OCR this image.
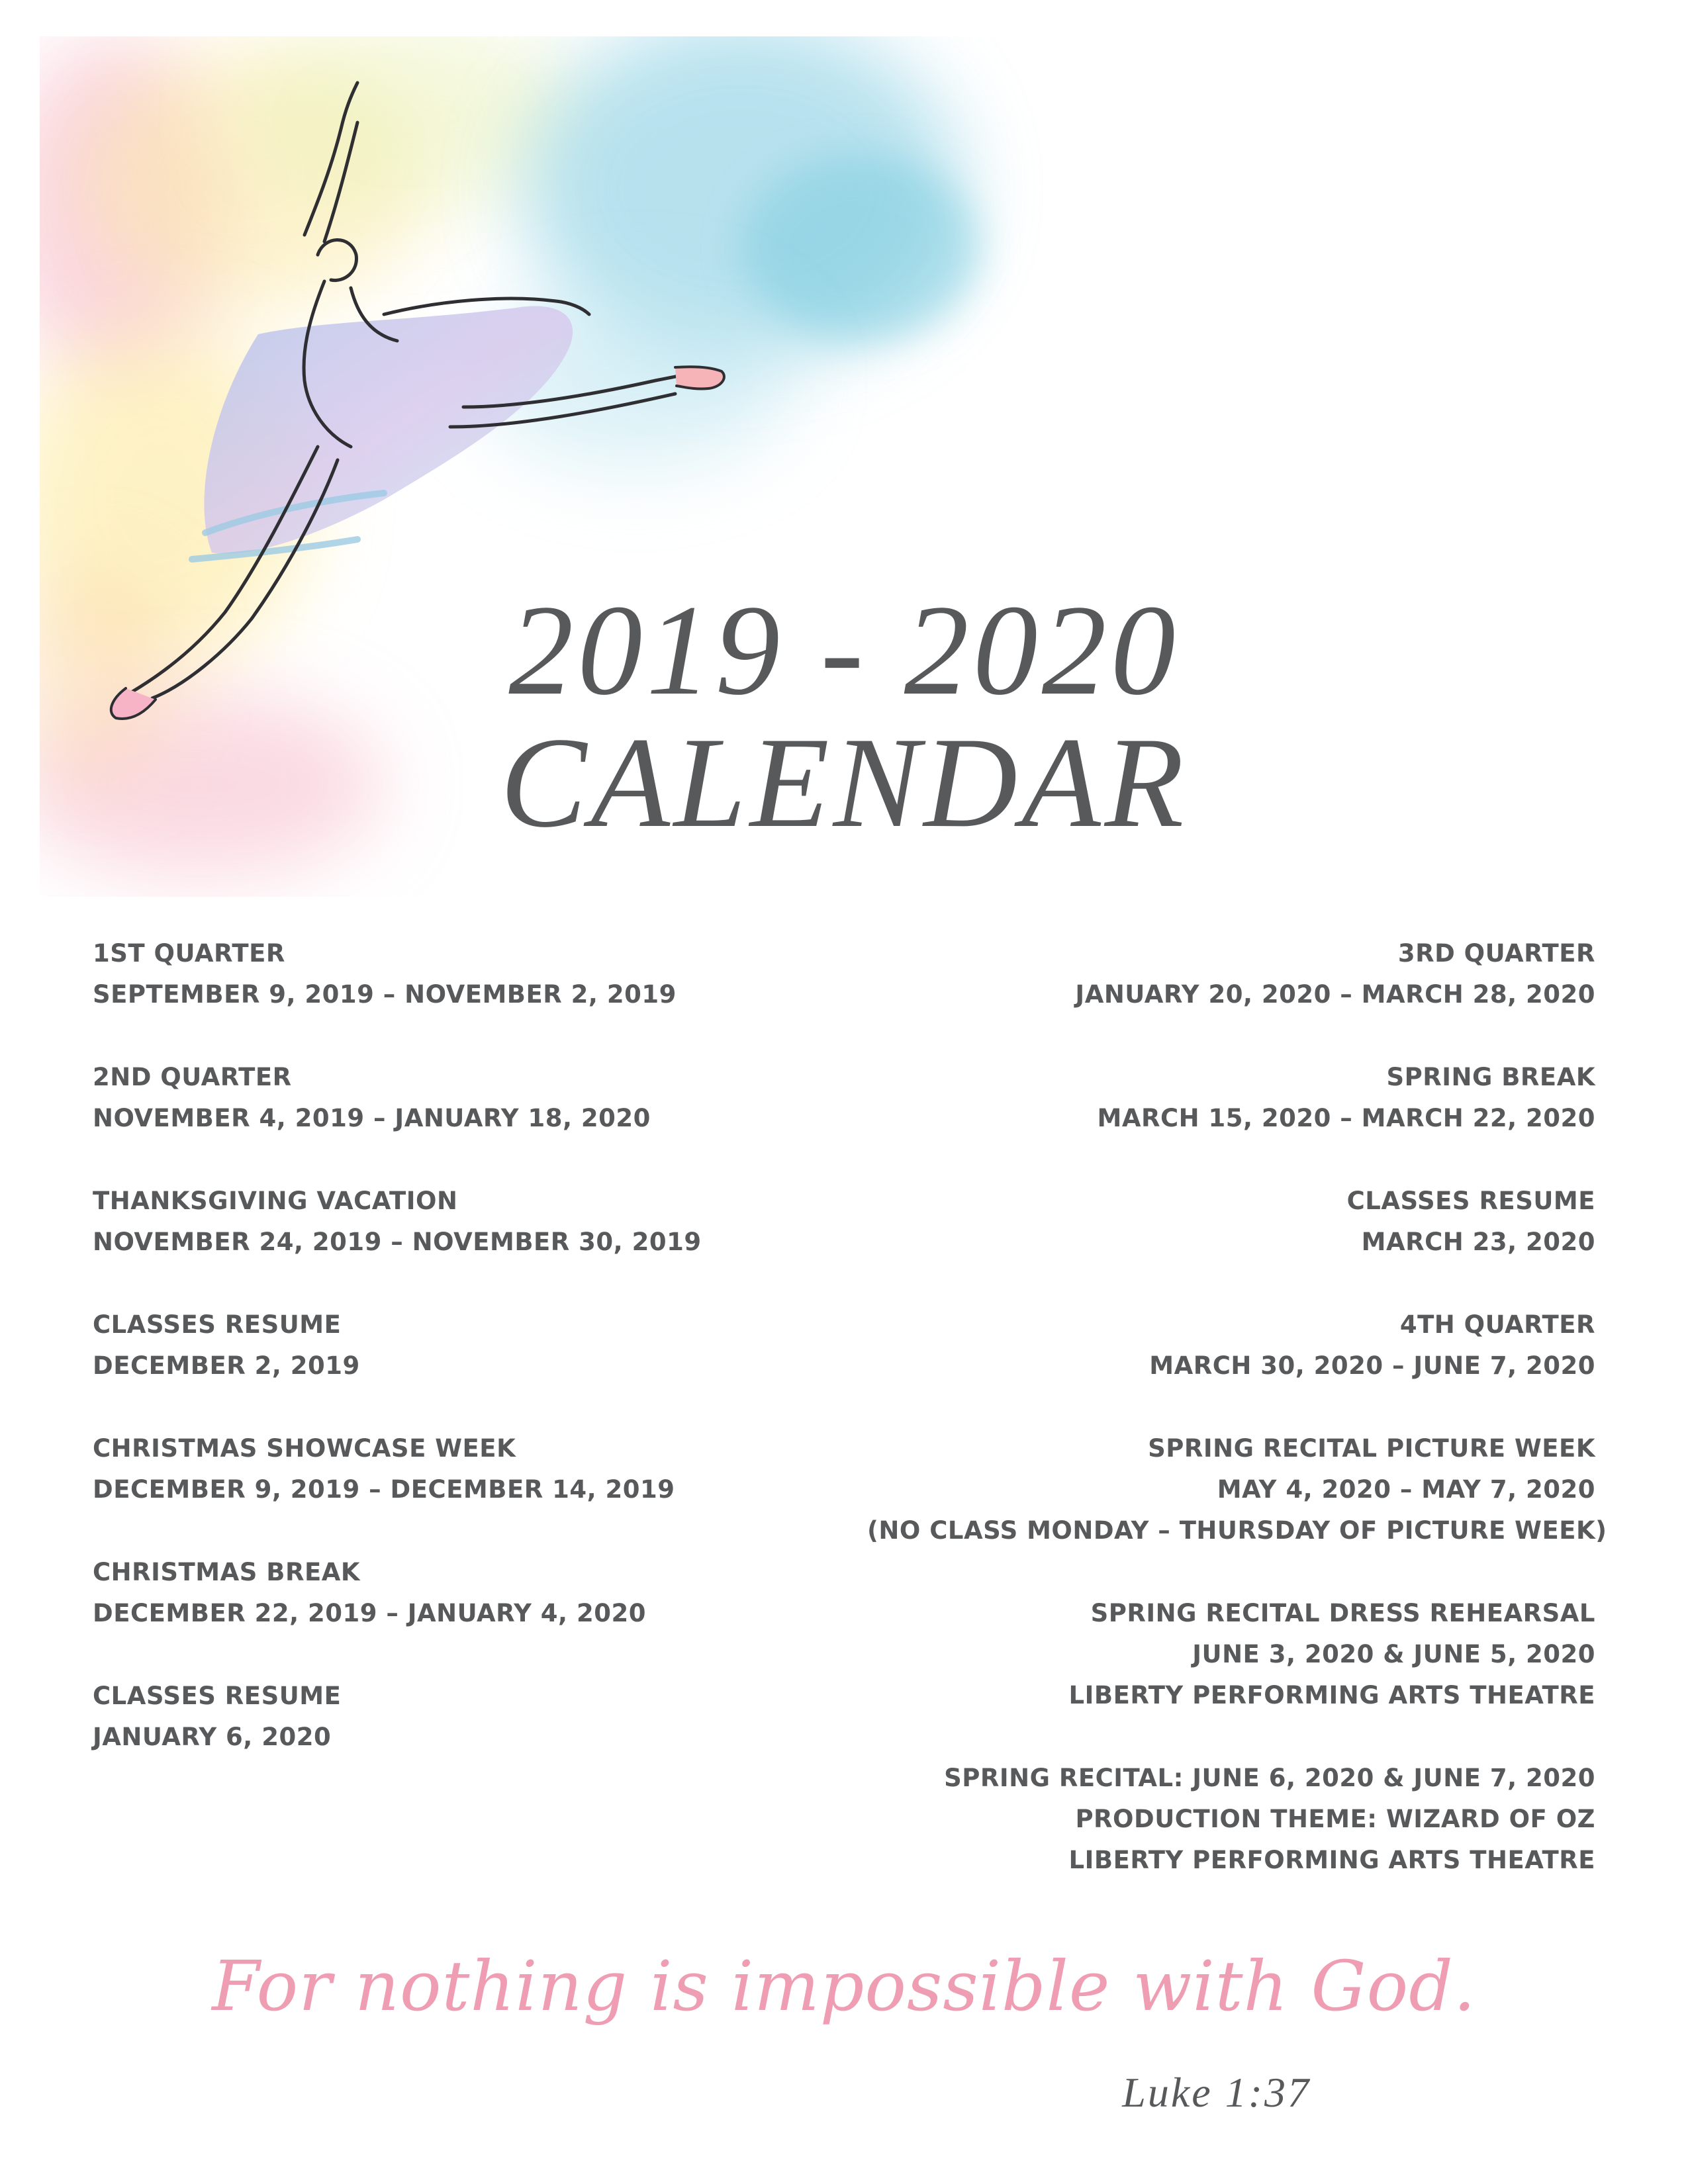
2019 - 2020
CALENDAR
1ST QUARTER
SEPTEMBER 9, 2019 – NOVEMBER 2, 2019
2ND QUARTER
NOVEMBER 4, 2019 – JANUARY 18, 2020
THANKSGIVING VACATION
NOVEMBER 24, 2019 – NOVEMBER 30, 2019
CLASSES RESUME
DECEMBER 2, 2019
CHRISTMAS SHOWCASE WEEK
DECEMBER 9, 2019 – DECEMBER 14, 2019
CHRISTMAS BREAK
DECEMBER 22, 2019 – JANUARY 4, 2020
CLASSES RESUME
JANUARY 6, 2020
3RD QUARTER
JANUARY 20, 2020 – MARCH 28, 2020
SPRING BREAK
MARCH 15, 2020 – MARCH 22, 2020
CLASSES RESUME
MARCH 23, 2020
4TH QUARTER
MARCH 30, 2020 – JUNE 7, 2020
SPRING RECITAL PICTURE WEEK
MAY 4, 2020 – MAY 7, 2020
(NO CLASS MONDAY – THURSDAY OF PICTURE WEEK)
SPRING RECITAL DRESS REHEARSAL
JUNE 3, 2020 & JUNE 5, 2020
LIBERTY PERFORMING ARTS THEATRE
SPRING RECITAL: JUNE 6, 2020 & JUNE 7, 2020
PRODUCTION THEME: WIZARD OF OZ
LIBERTY PERFORMING ARTS THEATRE
For nothing is impossible with God.
Luke 1:37
